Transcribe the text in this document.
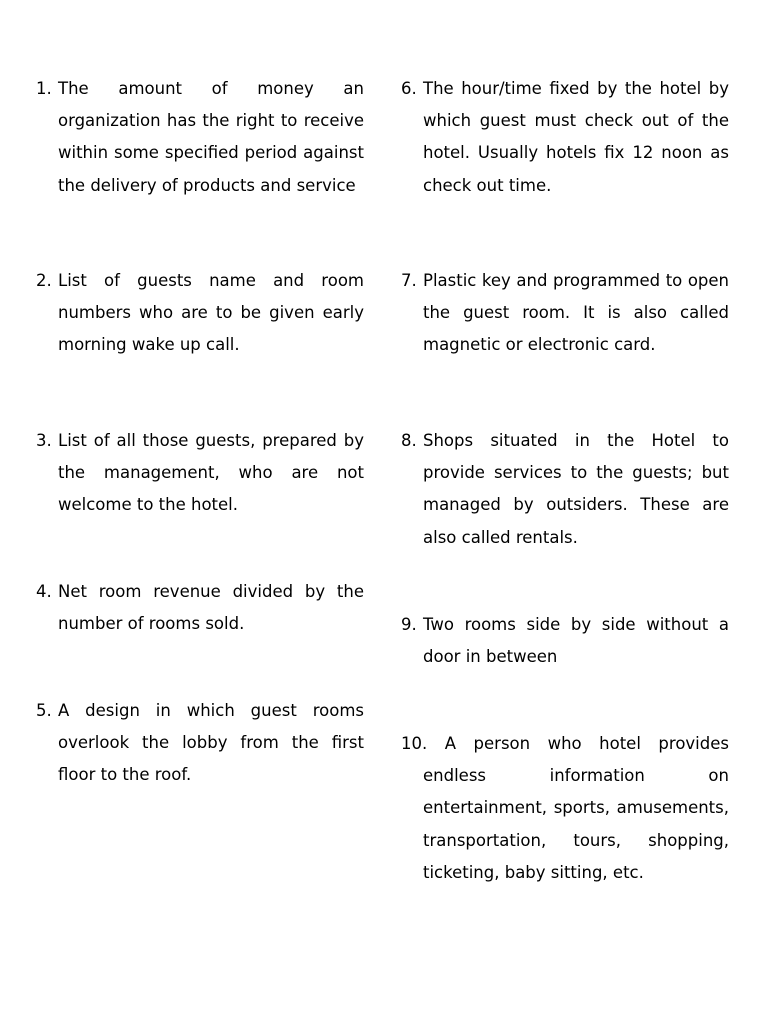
1. The amount of money an organization has the right to receive within some specified period against the delivery of products and service
2. List of guests name and room numbers who are to be given early morning wake up call.
3. List of all those guests, prepared by the management, who are not welcome to the hotel.
4. Net room revenue divided by the number of rooms sold.
5. A design in which guest rooms overlook the lobby from the first floor to the roof.
6. The hour/time fixed by the hotel by which guest must check out of the hotel. Usually hotels fix 12 noon as check out time.
7. Plastic key and programmed to open the guest room. It is also called magnetic or electronic card.
8. Shops situated in the Hotel to provide services to the guests; but managed by outsiders. These are also called rentals.
9. Two rooms side by side without a door in between
10. A person who hotel provides
endless information on entertainment, sports, amusements, transportation, tours, shopping, ticketing, baby sitting, etc.
